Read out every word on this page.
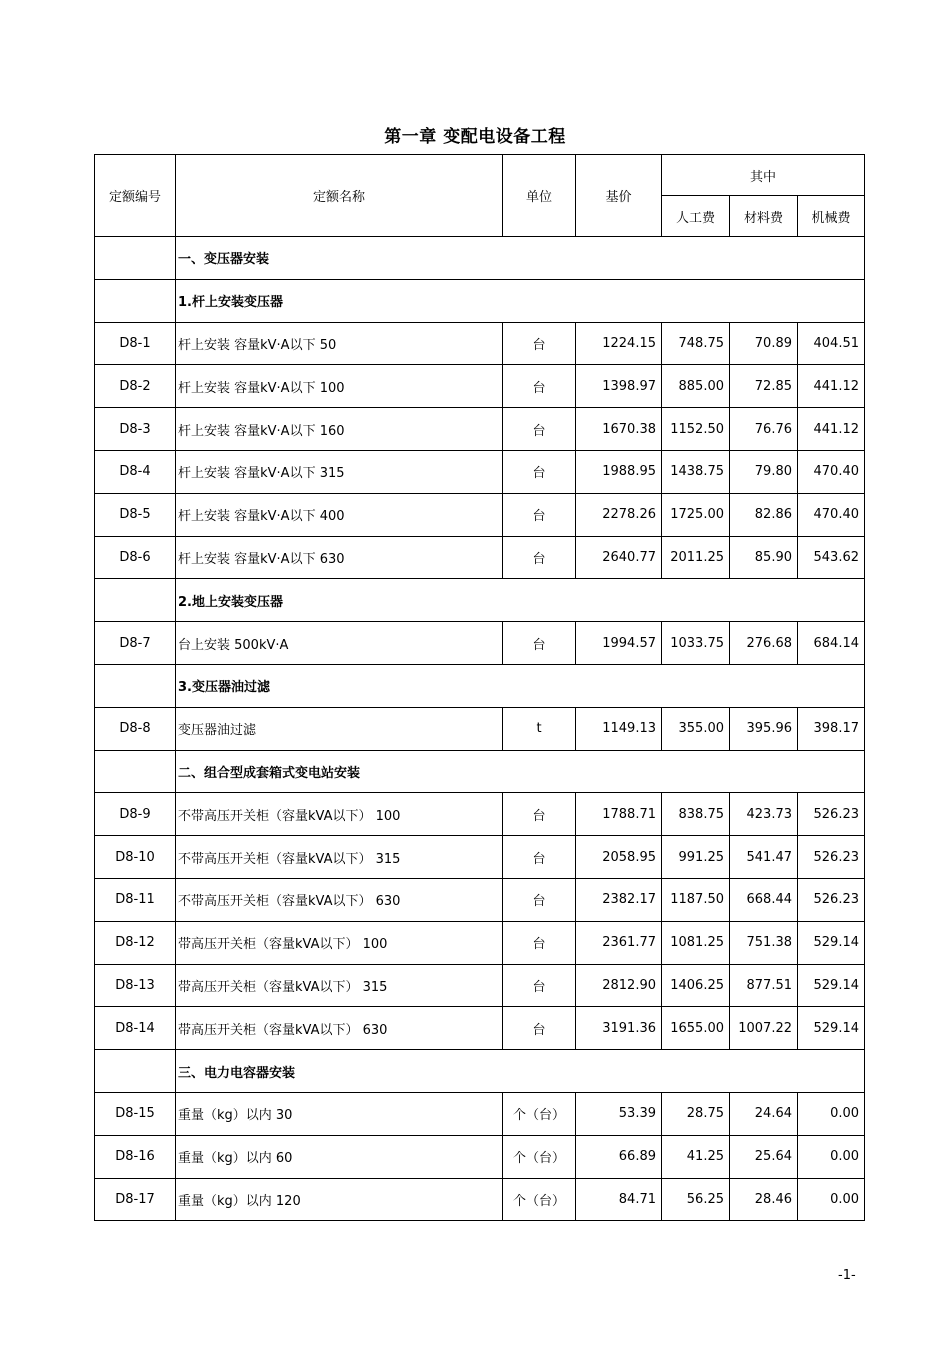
第一章 变配电设备工程
定额编号	定额名称	单位	基价	其中		
				人工费	材料费	机械费
	一、变压器安装					
	1.杆上安装变压器					
D8-1	杆上安装 容量kV·A以下 50	台	1224.15	748.75	70.89	404.51
D8-2	杆上安装 容量kV·A以下 100	台	1398.97	885.00	72.85	441.12
D8-3	杆上安装 容量kV·A以下 160	台	1670.38	1152.50	76.76	441.12
D8-4	杆上安装 容量kV·A以下 315	台	1988.95	1438.75	79.80	470.40
D8-5	杆上安装 容量kV·A以下 400	台	2278.26	1725.00	82.86	470.40
D8-6	杆上安装 容量kV·A以下 630	台	2640.77	2011.25	85.90	543.62
	2.地上安装变压器					
D8-7	台上安装 500kV·A	台	1994.57	1033.75	276.68	684.14
	3.变压器油过滤					
D8-8	变压器油过滤	t	1149.13	355.00	395.96	398.17
	二、组合型成套箱式变电站安装					
D8-9	不带高压开关柜（容量kVA以下） 100	台	1788.71	838.75	423.73	526.23
D8-10	不带高压开关柜（容量kVA以下） 315	台	2058.95	991.25	541.47	526.23
D8-11	不带高压开关柜（容量kVA以下） 630	台	2382.17	1187.50	668.44	526.23
D8-12	带高压开关柜（容量kVA以下） 100	台	2361.77	1081.25	751.38	529.14
D8-13	带高压开关柜（容量kVA以下） 315	台	2812.90	1406.25	877.51	529.14
D8-14	带高压开关柜（容量kVA以下） 630	台	3191.36	1655.00	1007.22	529.14
	三、电力电容器安装					
D8-15	重量（kg）以内 30	个（台）	53.39	28.75	24.64	0.00
D8-16	重量（kg）以内 60	个（台）	66.89	41.25	25.64	0.00
D8-17	重量（kg）以内 120	个（台）	84.71	56.25	28.46	0.00
-1-
